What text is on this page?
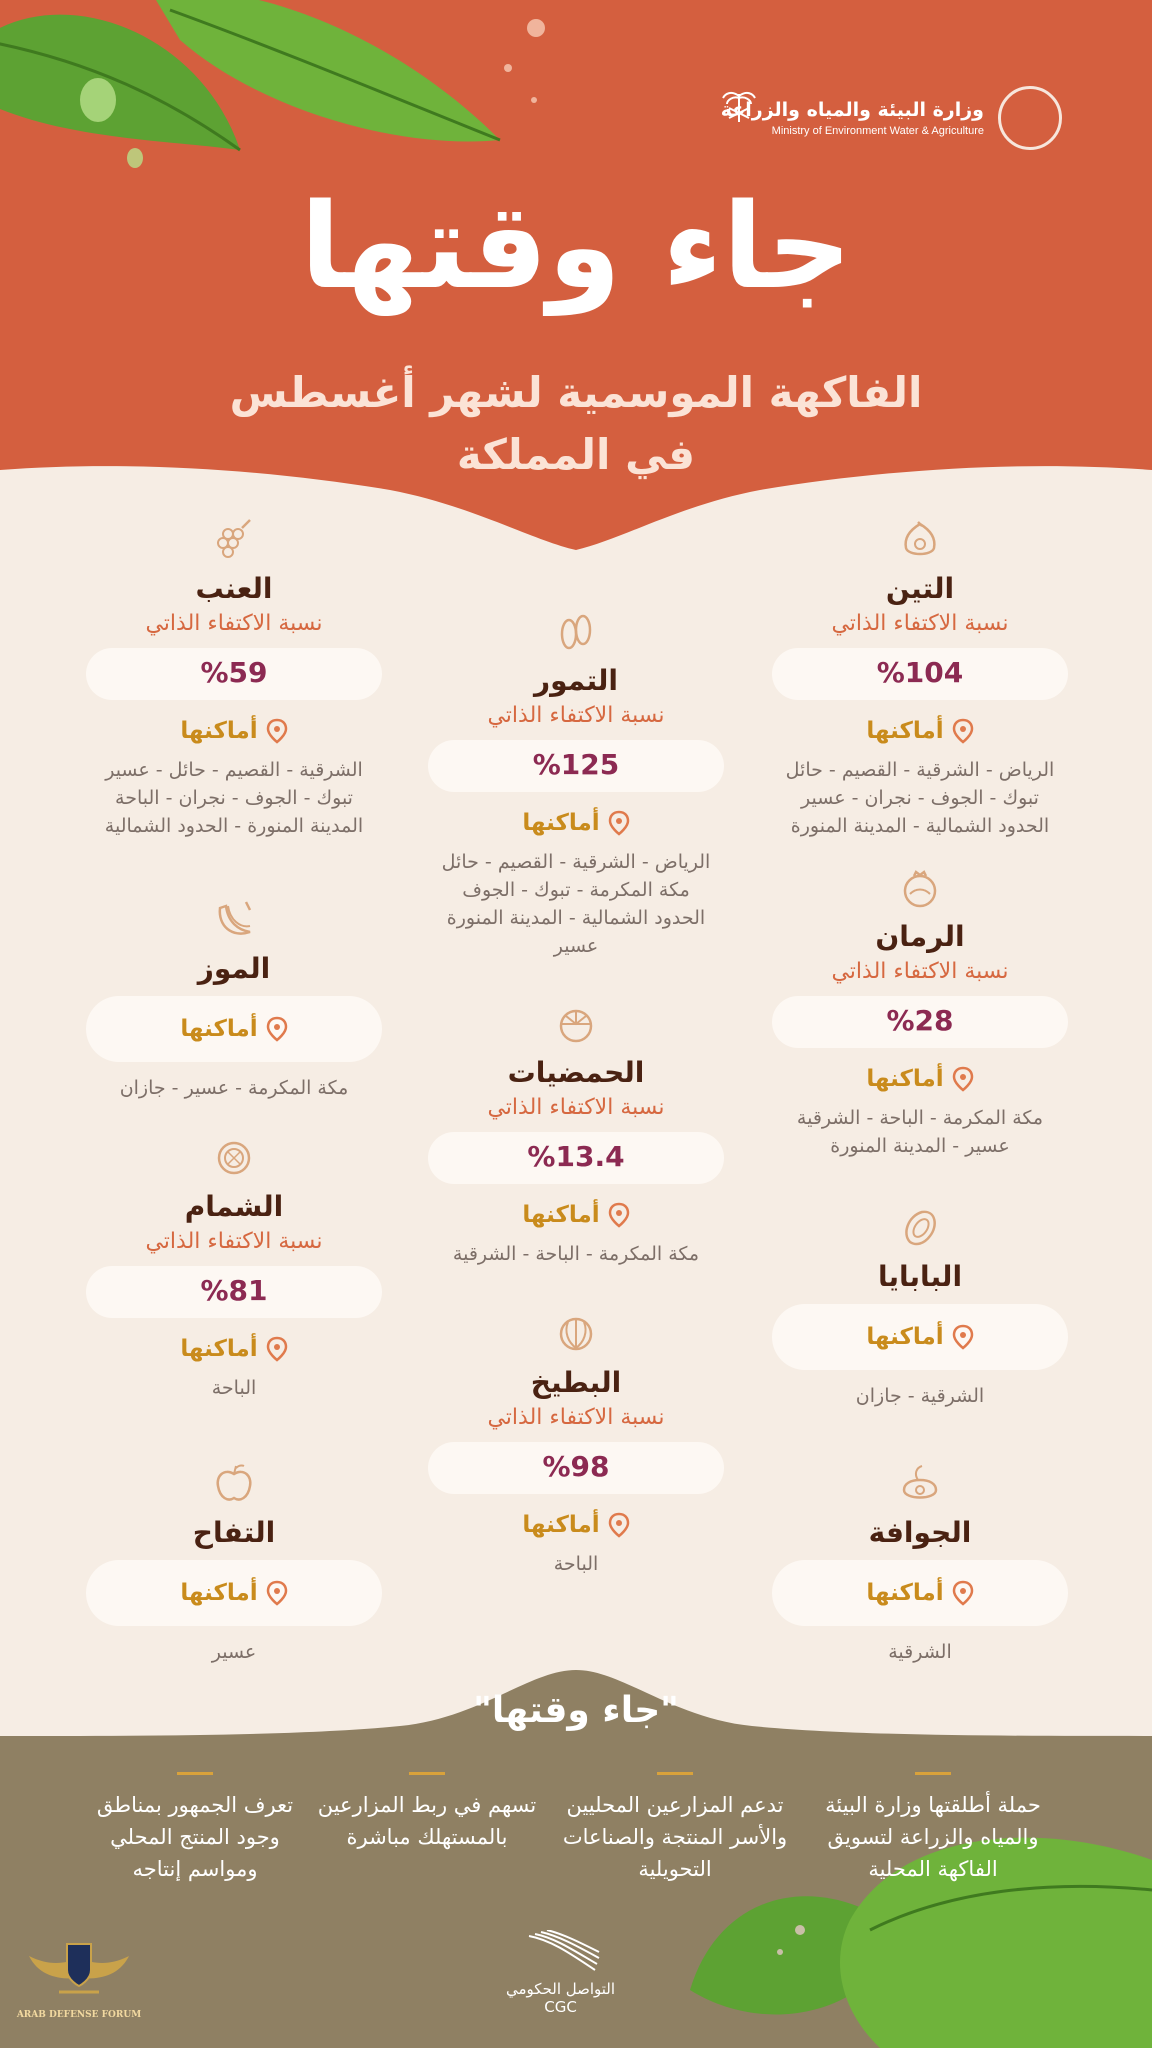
وزارة البيئة والمياه والزراعة
Ministry of Environment Water & Agriculture
جاء وقتها
الفاكهة الموسمية لشهر أغسطس
في المملكة
التين
نسبة الاكتفاء الذاتي
%104
أماكنها
الرياض - الشرقية - القصيم - حائل تبوك - الجوف - نجران - عسير الحدود الشمالية - المدينة المنورة
التمور
نسبة الاكتفاء الذاتي
%125
أماكنها
الرياض - الشرقية - القصيم - حائل مكة المكرمة - تبوك - الجوف الحدود الشمالية - المدينة المنورة عسير
العنب
نسبة الاكتفاء الذاتي
%59
أماكنها
الشرقية - القصيم - حائل - عسير تبوك - الجوف - نجران - الباحة المدينة المنورة - الحدود الشمالية
الرمان
نسبة الاكتفاء الذاتي
%28
أماكنها
مكة المكرمة - الباحة - الشرقية عسير - المدينة المنورة
الموز
أماكنها
مكة المكرمة - عسير - جازان	الحمضيات
نسبة الاكتفاء الذاتي
%13.4
أماكنها
مكة المكرمة - الباحة - الشرقية
الشمام
نسبة الاكتفاء الذاتي
%81
أماكنها
الباحة
البابايا
أماكنها
الشرقية - جازان
البطيخ
نسبة الاكتفاء الذاتي
%98
أماكنها
الباحة
التفاح
أماكنها
عسير
الجوافة
أماكنها
الشرقية
"جاء وقتها"
حملة أطلقتها وزارة البيئة والمياه والزراعة لتسويق الفاكهة المحلية
تدعم المزارعين المحليين والأسر المنتجة والصناعات التحويلية
تسهم في ربط المزارعين بالمستهلك مباشرة
تعرف الجمهور بمناطق وجود المنتج المحلي ومواسم إنتاجه
التواصل الحكومي
CGC
ARAB DEFENSE FORUM
